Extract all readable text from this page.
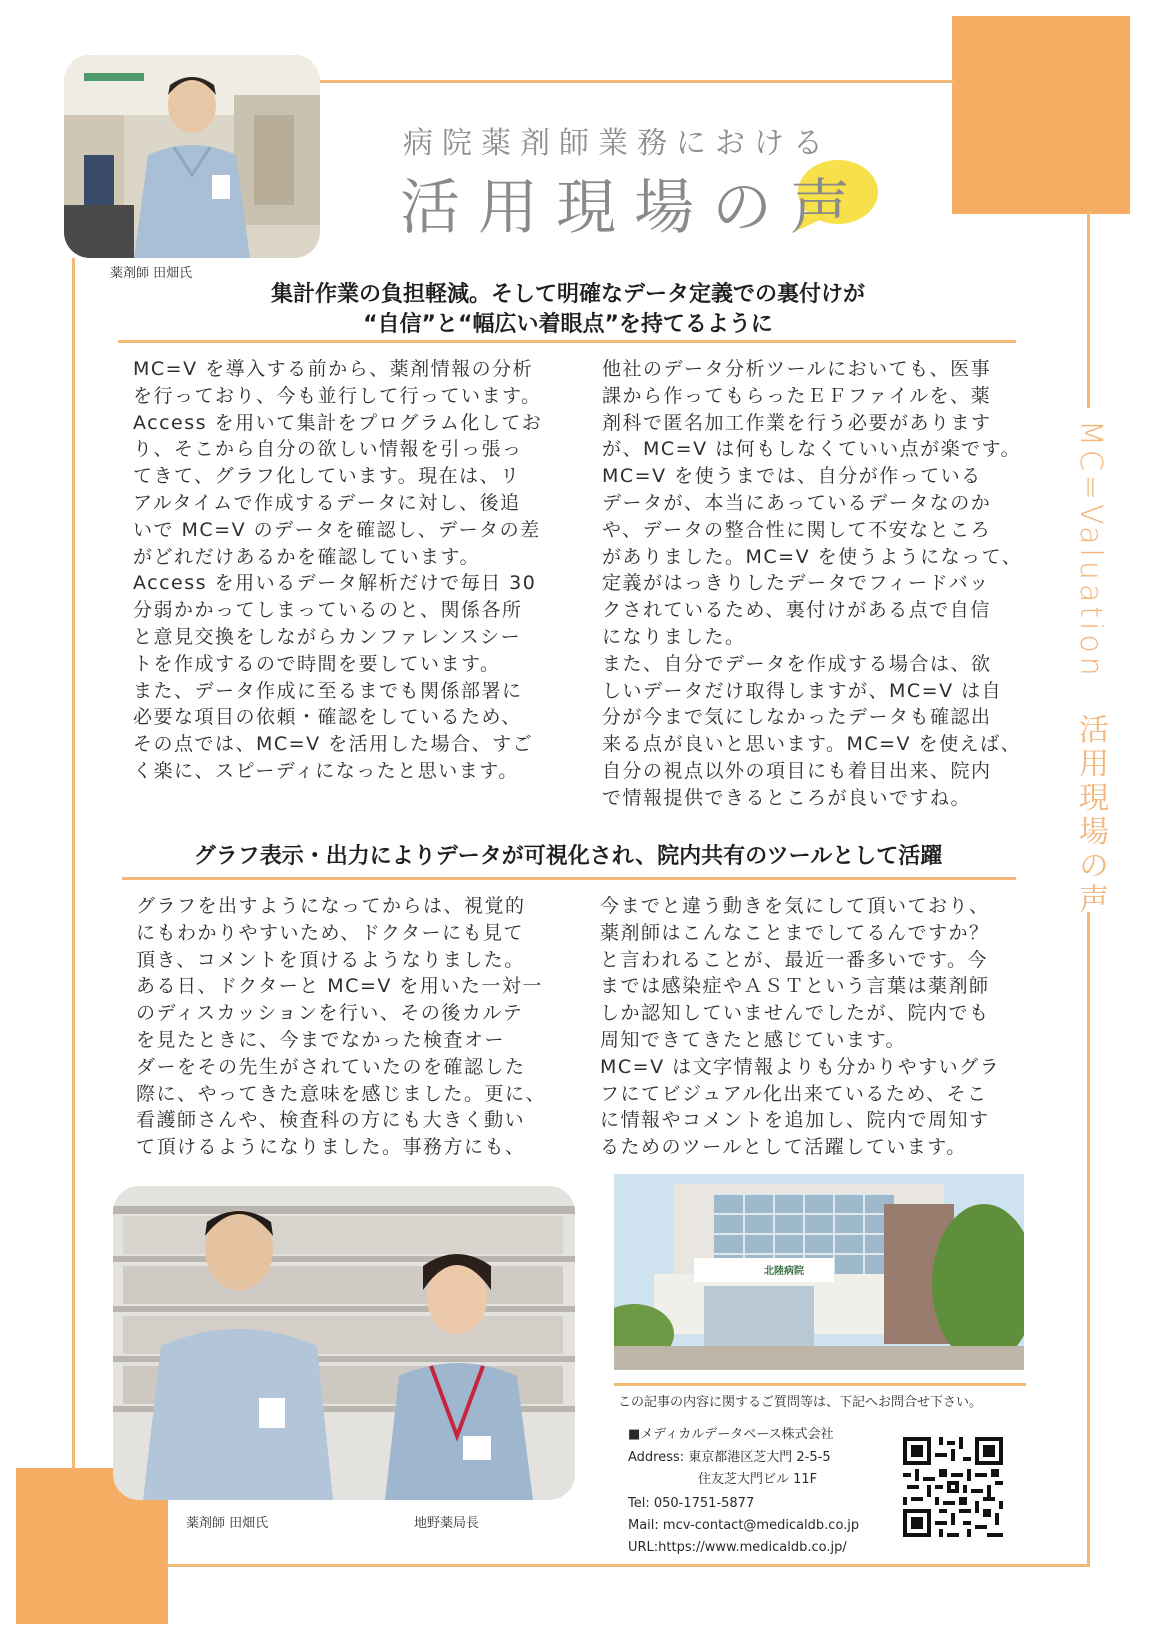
薬剤師 田畑氏
病院薬剤師業務における
活用現場の声
MC=Valuation　活用現場の声
集計作業の負担軽減。そして明確なデータ定義での裏付けが
“自信”と“幅広い着眼点”を持てるように
MC=V を導入する前から、薬剤情報の分析
を行っており、今も並行して行っています。
Access を用いて集計をプログラム化してお
り、そこから自分の欲しい情報を引っ張っ
てきて、グラフ化しています。現在は、リ
アルタイムで作成するデータに対し、後追
いで MC=V のデータを確認し、データの差
がどれだけあるかを確認しています。
Access を用いるデータ解析だけで毎日 30
分弱かかってしまっているのと、関係各所
と意見交換をしながらカンファレンスシー
トを作成するので時間を要しています。
また、データ作成に至るまでも関係部署に
必要な項目の依頼・確認をしているため、
その点では、MC=V を活用した場合、すご
く楽に、スピーディになったと思います。
他社のデータ分析ツールにおいても、医事
課から作ってもらったＥＦファイルを、薬
剤科で匿名加工作業を行う必要があります
が、MC=V は何もしなくていい点が楽です。
MC=V を使うまでは、自分が作っている
データが、本当にあっているデータなのか
や、データの整合性に関して不安なところ
がありました。MC=V を使うようになって、
定義がはっきりしたデータでフィードバッ
クされているため、裏付けがある点で自信
になりました。
また、自分でデータを作成する場合は、欲
しいデータだけ取得しますが、MC=V は自
分が今まで気にしなかったデータも確認出
来る点が良いと思います。MC=V を使えば、
自分の視点以外の項目にも着目出来、院内
で情報提供できるところが良いですね。
グラフ表示・出力によりデータが可視化され、院内共有のツールとして活躍
グラフを出すようになってからは、視覚的
にもわかりやすいため、ドクターにも見て
頂き、コメントを頂けるようなりました。
ある日、ドクターと MC=V を用いた一対一
のディスカッションを行い、その後カルテ
を見たときに、今までなかった検査オー
ダーをその先生がされていたのを確認した
際に、やってきた意味を感じました。更に、
看護師さんや、検査科の方にも大きく動い
て頂けるようになりました。事務方にも、
今までと違う動きを気にして頂いており、
薬剤師はこんなことまでしてるんですか？
と言われることが、最近一番多いです。今
までは感染症やＡＳＴという言葉は薬剤師
しか認知していませんでしたが、院内でも
周知できてきたと感じています。
MC=V は文字情報よりも分かりやすいグラ
フにてビジュアル化出来ているため、そこ
に情報やコメントを追加し、院内で周知す
るためのツールとして活躍しています。
薬剤師 田畑氏	地野薬局長
北陸病院
この記事の内容に関するご質問等は、下記へお問合せ下さい。
■メディカルデータベース株式会社
Address: 東京都港区芝大門 2-5-5
住友芝大門ビル 11F
Tel: 050-1751-5877
Mail: mcv-contact@medicaldb.co.jp
URL:https://www.medicaldb.co.jp/
